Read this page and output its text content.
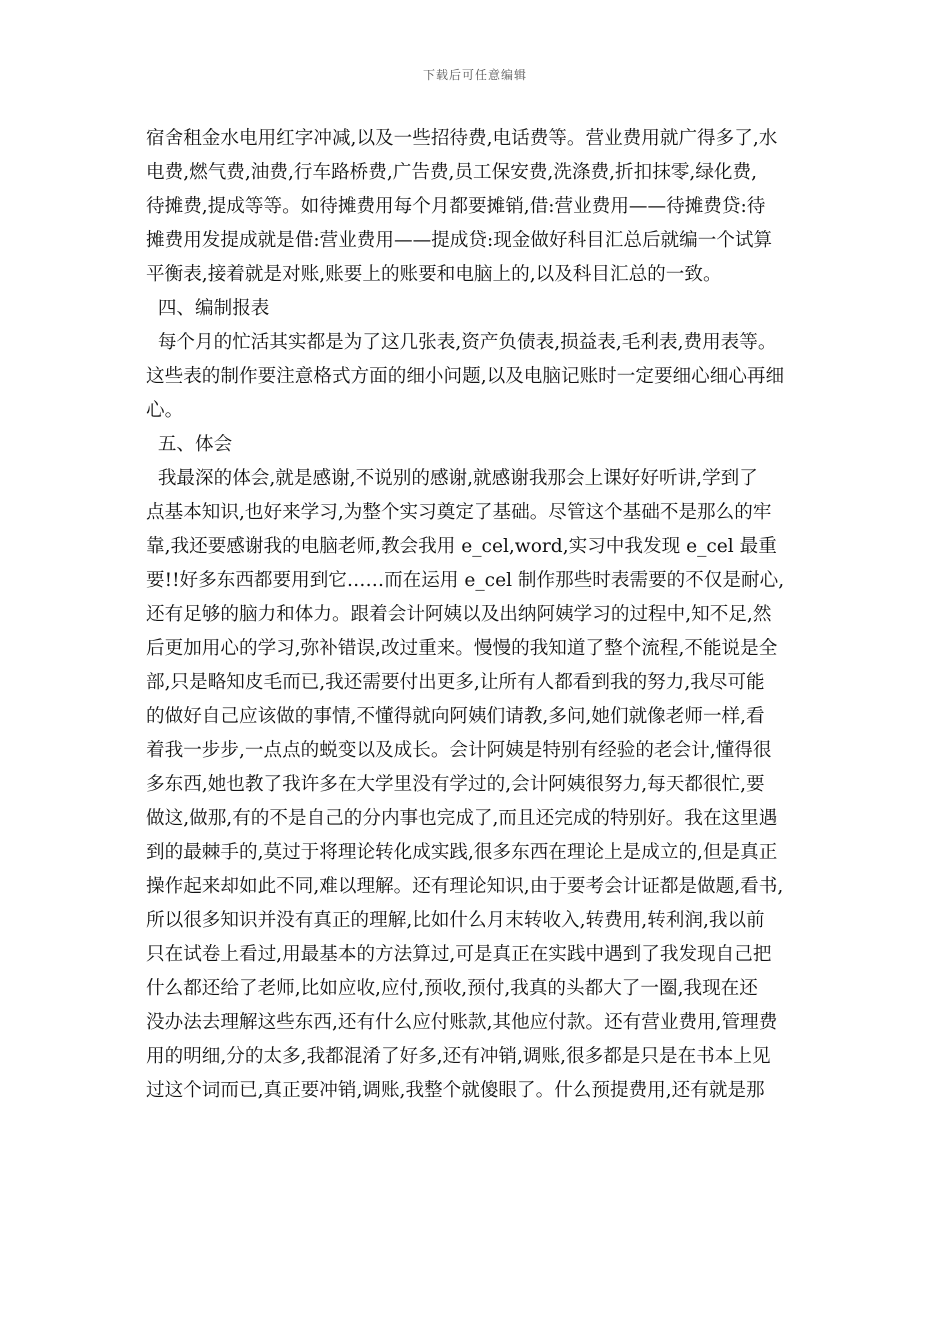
下载后可任意编辑
宿舍租金水电用红字冲减,以及一些招待费,电话费等。营业费用就广得多了,水
电费,燃气费,油费,行车路桥费,广告费,员工保安费,洗涤费,折扣抹零,绿化费,
待摊费,提成等等。如待摊费用每个月都要摊销,借:营业费用——待摊费贷:待
摊费用发提成就是借:营业费用——提成贷:现金做好科目汇总后就编一个试算
平衡表,接着就是对账,账要上的账要和电脑上的,以及科目汇总的一致。
四、编制报表
每个月的忙活其实都是为了这几张表,资产负债表,损益表,毛利表,费用表等。
这些表的制作要注意格式方面的细小问题,以及电脑记账时一定要细心细心再细
心。
五、体会
我最深的体会,就是感谢,不说别的感谢,就感谢我那会上课好好听讲,学到了
点基本知识,也好来学习,为整个实习奠定了基础。尽管这个基础不是那么的牢
靠,我还要感谢我的电脑老师,教会我用 e_cel,word,实习中我发现 e_cel 最重
要!!好多东西都要用到它……而在运用 e_cel 制作那些时表需要的不仅是耐心,
还有足够的脑力和体力。跟着会计阿姨以及出纳阿姨学习的过程中,知不足,然
后更加用心的学习,弥补错误,改过重来。慢慢的我知道了整个流程,不能说是全
部,只是略知皮毛而已,我还需要付出更多,让所有人都看到我的努力,我尽可能
的做好自己应该做的事情,不懂得就向阿姨们请教,多问,她们就像老师一样,看
着我一步步,一点点的蜕变以及成长。会计阿姨是特别有经验的老会计,懂得很
多东西,她也教了我许多在大学里没有学过的,会计阿姨很努力,每天都很忙,要
做这,做那,有的不是自己的分内事也完成了,而且还完成的特别好。我在这里遇
到的最棘手的,莫过于将理论转化成实践,很多东西在理论上是成立的,但是真正
操作起来却如此不同,难以理解。还有理论知识,由于要考会计证都是做题,看书,
所以很多知识并没有真正的理解,比如什么月末转收入,转费用,转利润,我以前
只在试卷上看过,用最基本的方法算过,可是真正在实践中遇到了我发现自己把
什么都还给了老师,比如应收,应付,预收,预付,我真的头都大了一圈,我现在还
没办法去理解这些东西,还有什么应付账款,其他应付款。还有营业费用,管理费
用的明细,分的太多,我都混淆了好多,还有冲销,调账,很多都是只是在书本上见
过这个词而已,真正要冲销,调账,我整个就傻眼了。什么预提费用,还有就是那
